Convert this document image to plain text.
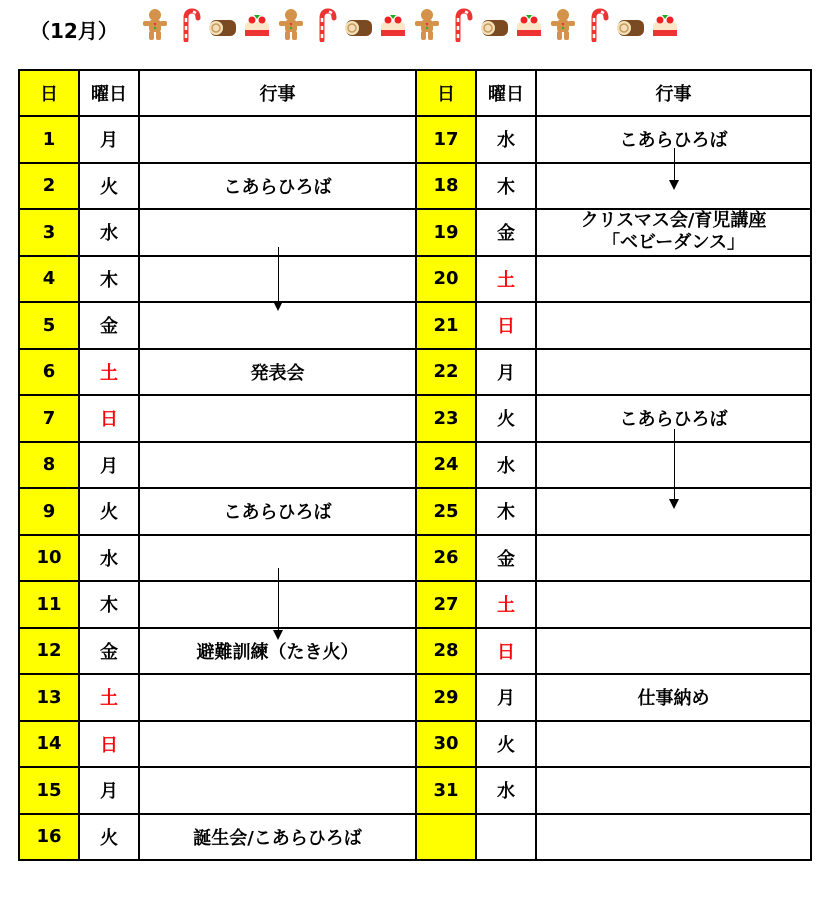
（12月）
日	曜日	行事	日	曜日	行事
1	月		17	水	こあらひろば
2	火	こあらひろば	18	木	

3	水		19	金	クリスマス会/育児講座
「ベビーダンス」
4	木		20	土	
5	金		21	日	
6	土	発表会	22	月	
7	日		23	火	こあらひろば
8	月		24	水	

9	火	こあらひろば	25	木	
10	水		26	金	
11	木		27	土	
12	金	避難訓練（たき火）	28	日	
13	土		29	月	仕事納め
14	日		30	火	
15	月		31	水	
16	火	誕生会/こあらひろば			
